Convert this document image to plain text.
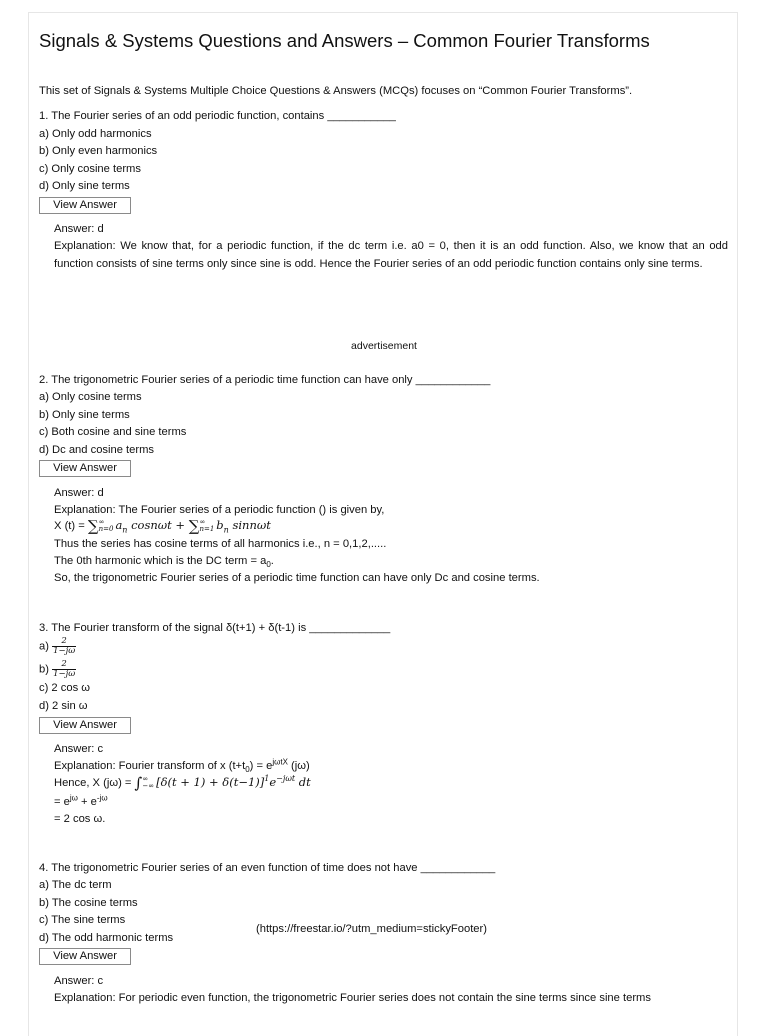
Signals & Systems Questions and Answers – Common Fourier Transforms
This set of Signals & Systems Multiple Choice Questions & Answers (MCQs) focuses on “Common Fourier Transforms”.
1. The Fourier series of an odd periodic function, contains ___________
a) Only odd harmonics
b) Only even harmonics
c) Only cosine terms
d) Only sine terms
View Answer
Answer: d
Explanation: We know that, for a periodic function, if the dc term i.e. a0 = 0, then it is an odd function. Also, we know that an odd function consists of sine terms only since sine is odd. Hence the Fourier series of an odd periodic function contains only sine terms.
advertisement
2. The trigonometric Fourier series of a periodic time function can have only ____________
a) Only cosine terms
b) Only sine terms
c) Both cosine and sine terms
d) Dc and cosine terms
View Answer
Answer: d
Explanation: The Fourier series of a periodic function () is given by,
X (t) = ∑ ∞
n=0 $a_n$ cosnωt + ∑ ∞
n=1 $b_n$ sinnωt
Thus the series has cosine terms of all harmonics i.e., n = 0,1,2,.....
The 0th harmonic which is the DC term = $a_0$.
So, the trigonometric Fourier series of a periodic time function can have only Dc and cosine terms.
3. The Fourier transform of the signal δ(t+1) + δ(t-1) is _____________
$a) \frac{2}{1-j\omega}$
$b) \frac{2}{1-j\omega}$
c) 2 cos ω
d) 2 sin ω
View Answer
Answer: c
Explanation: Fourier transform of x $(t+t_0) = e^{j\omega tX}$ (jω)
Hence, X (jω) = ∫ ∞
−∞ $[\delta(t + 1) + \delta(t-1)]^1e^{-j\omega t}$ dt
= $e^{j\omega} + e^{-j\omega}$
= 2 cos ω.
4. The trigonometric Fourier series of an even function of time does not have ____________
a) The dc term
b) The cosine terms
c) The sine terms
d) The odd harmonic terms
(https://freestar.io/?utm_medium=stickyFooter)
View Answer
Answer: c
Explanation: For periodic even function, the trigonometric Fourier series does not contain the sine terms since sine terms
